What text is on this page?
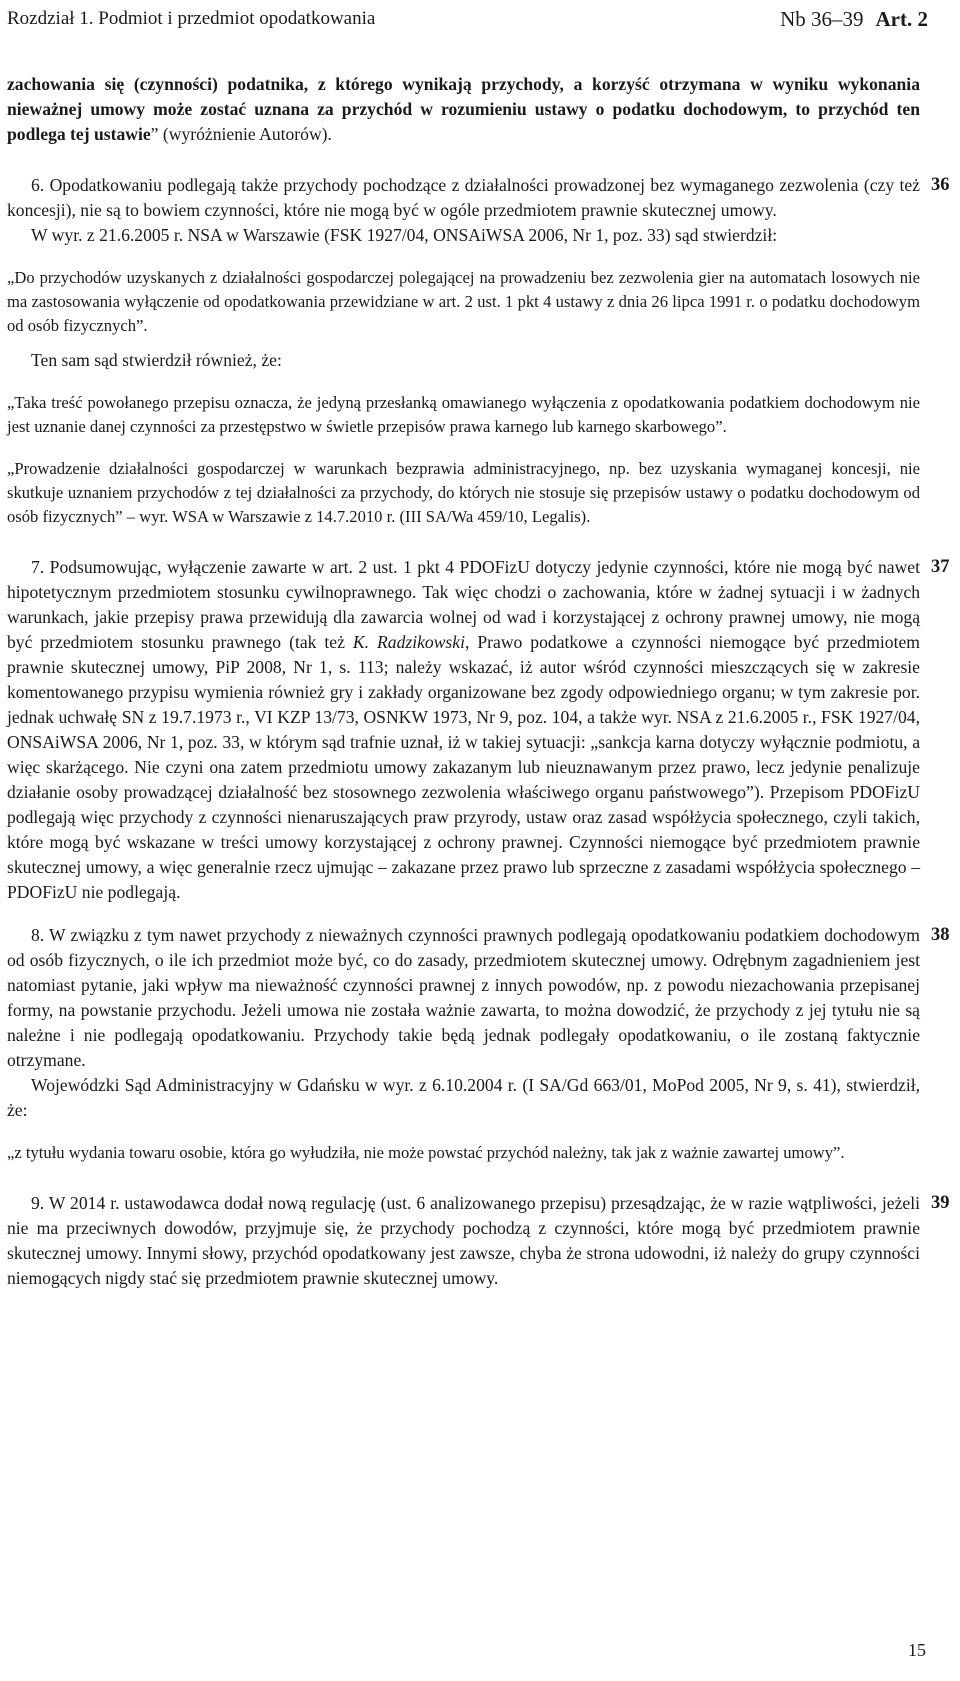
Rozdział 1. Podmiot i przedmiot opodatkowania	Nb 36–39 Art. 2

zachowania się (czynności) podatnika, z którego wynikają przychody, a korzyść otrzymana w wyniku wykonania nieważnej umowy może zostać uznana za przychód w rozumieniu ustawy o podatku dochodowym, to przychód ten podlega tej ustawie” (wyróżnienie Autorów).

36

6. Opodatkowaniu podlegają także przychody pochodzące z działalności prowadzonej bez wymaganego zezwolenia (czy też koncesji), nie są to bowiem czynności, które nie mogą być w ogóle przedmiotem prawnie skutecznej umowy.

W wyr. z 21.6.2005 r. NSA w Warszawie (FSK 1927/04, ONSAiWSA 2006, Nr 1, poz. 33) sąd stwierdził:

„Do przychodów uzyskanych z działalności gospodarczej polegającej na prowadzeniu bez zezwolenia gier na automatach losowych nie ma zastosowania wyłączenie od opodatkowania przewidziane w art. 2 ust. 1 pkt 4 ustawy z dnia 26 lipca 1991 r. o podatku dochodowym od osób fizycznych”.

Ten sam sąd stwierdził również, że:

„Taka treść powołanego przepisu oznacza, że jedyną przesłanką omawianego wyłączenia z opodatkowania podatkiem dochodowym nie jest uznanie danej czynności za przestępstwo w świetle przepisów prawa karnego lub karnego skarbowego”.

„Prowadzenie działalności gospodarczej w warunkach bezprawia administracyjnego, np. bez uzyskania wymaganej koncesji, nie skutkuje uznaniem przychodów z tej działalności za przychody, do których nie stosuje się przepisów ustawy o podatku dochodowym od osób fizycznych” – wyr. WSA w Warszawie z 14.7.2010 r. (III SA/Wa 459/10, Legalis).

37

7. Podsumowując, wyłączenie zawarte w art. 2 ust. 1 pkt 4 PDOFizU dotyczy jedynie czynności, które nie mogą być nawet hipotetycznym przedmiotem stosunku cywilnoprawnego. Tak więc chodzi o zachowania, które w żadnej sytuacji i w żadnych warunkach, jakie przepisy prawa przewidują dla zawarcia wolnej od wad i korzystającej z ochrony prawnej umowy, nie mogą być przedmiotem stosunku prawnego (tak też K. Radzikowski, Prawo podatkowe a czynności niemogące być przedmiotem prawnie skutecznej umowy, PiP 2008, Nr 1, s. 113; należy wskazać, iż autor wśród czynności mieszczących się w zakresie komentowanego przypisu wymienia również gry i zakłady organizowane bez zgody odpowiedniego organu; w tym zakresie por. jednak uchwałę SN z 19.7.1973 r., VI KZP 13/73, OSNKW 1973, Nr 9, poz. 104, a także wyr. NSA z 21.6.2005 r., FSK 1927/04, ONSAiWSA 2006, Nr 1, poz. 33, w którym sąd trafnie uznał, iż w takiej sytuacji: „sankcja karna dotyczy wyłącznie podmiotu, a więc skarżącego. Nie czyni ona zatem przedmiotu umowy zakazanym lub nieuznawanym przez prawo, lecz jedynie penalizuje działanie osoby prowadzącej działalność bez stosownego zezwolenia właściwego organu państwowego”). Przepisom PDOFizU podlegają więc przychody z czynności nienaruszających praw przyrody, ustaw oraz zasad współżycia społecznego, czyli takich, które mogą być wskazane w treści umowy korzystającej z ochrony prawnej. Czynności niemogące być przedmiotem prawnie skutecznej umowy, a więc generalnie rzecz ujmując – zakazane przez prawo lub sprzeczne z zasadami współżycia społecznego – PDOFizU nie podlegają.

38

8. W związku z tym nawet przychody z nieważnych czynności prawnych podlegają opodatkowaniu podatkiem dochodowym od osób fizycznych, o ile ich przedmiot może być, co do zasady, przedmiotem skutecznej umowy. Odrębnym zagadnieniem jest natomiast pytanie, jaki wpływ ma nieważność czynności prawnej z innych powodów, np. z powodu niezachowania przepisanej formy, na powstanie przychodu. Jeżeli umowa nie została ważnie zawarta, to można dowodzić, że przychody z jej tytułu nie są należne i nie podlegają opodatkowaniu. Przychody takie będą jednak podlegały opodatkowaniu, o ile zostaną faktycznie otrzymane.

Wojewódzki Sąd Administracyjny w Gdańsku w wyr. z 6.10.2004 r. (I SA/Gd 663/01, MoPod 2005, Nr 9, s. 41), stwierdził, że:

„z tytułu wydania towaru osobie, która go wyłudziła, nie może powstać przychód należny, tak jak z ważnie zawartej umowy”.

39

9. W 2014 r. ustawodawca dodał nową regulację (ust. 6 analizowanego przepisu) przesądzając, że w razie wątpliwości, jeżeli nie ma przeciwnych dowodów, przyjmuje się, że przychody pochodzą z czynności, które mogą być przedmiotem prawnie skutecznej umowy. Innymi słowy, przychód opodatkowany jest zawsze, chyba że strona udowodni, iż należy do grupy czynności niemogących nigdy stać się przedmiotem prawnie skutecznej umowy.

15
